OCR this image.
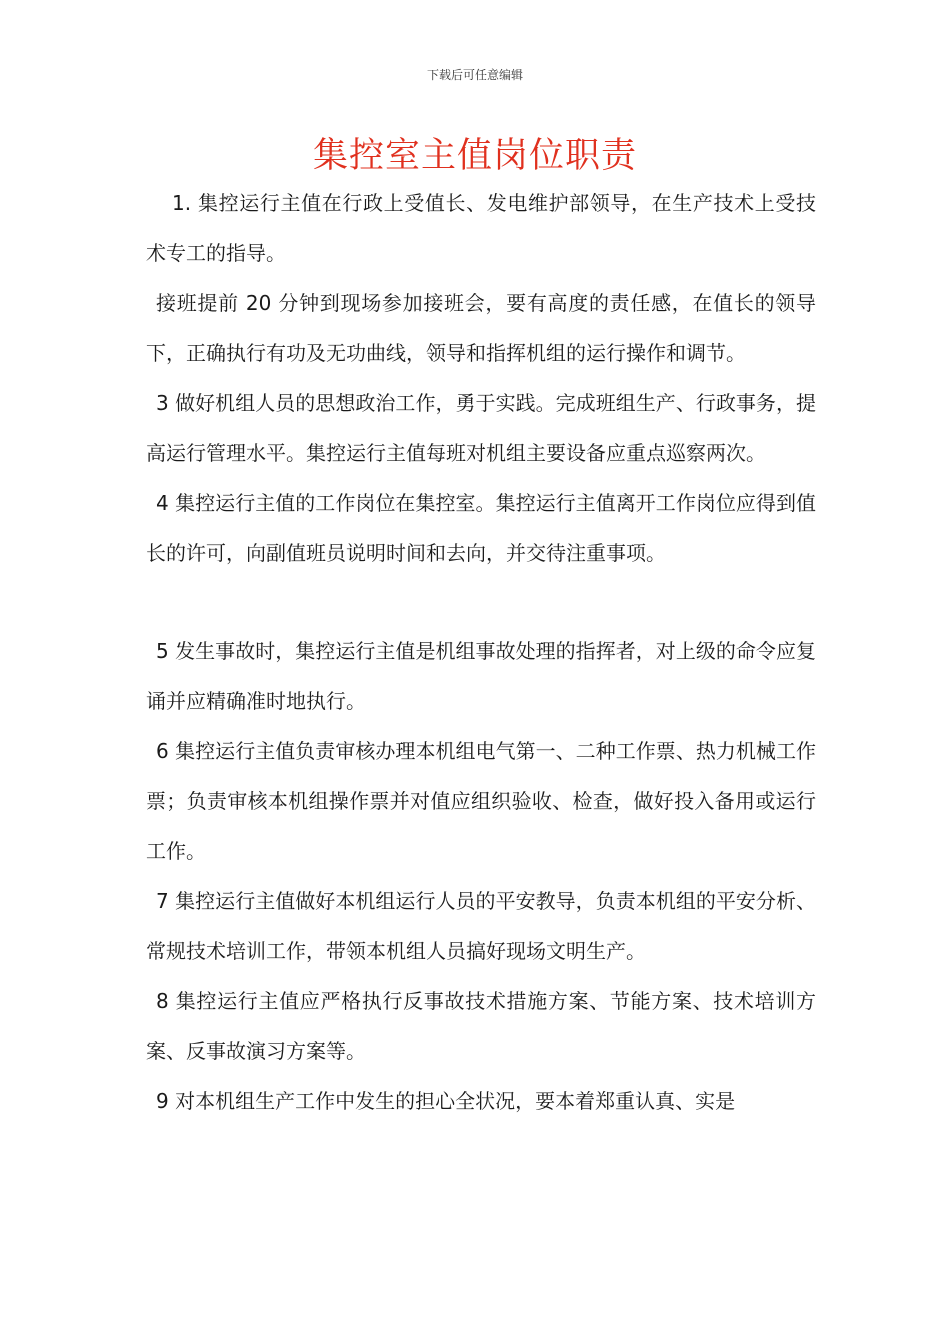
下载后可任意编辑
集控室主值岗位职责

1. 集控运行主值在行政上受值长、发电维护部领导，在生产技术上受技术专工的指导。

接班提前 20 分钟到现场参加接班会，要有高度的责任感，在值长的领导下，正确执行有功及无功曲线，领导和指挥机组的运行操作和调节。

3 做好机组人员的思想政治工作，勇于实践。完成班组生产、行政事务，提高运行管理水平。集控运行主值每班对机组主要设备应重点巡察两次。

4 集控运行主值的工作岗位在集控室。集控运行主值离开工作岗位应得到值长的许可，向副值班员说明时间和去向，并交待注重事项。

5 发生事故时，集控运行主值是机组事故处理的指挥者，对上级的命令应复诵并应精确准时地执行。

6 集控运行主值负责审核办理本机组电气第一、二种工作票、热力机械工作票；负责审核本机组操作票并对值应组织验收、检查，做好投入备用或运行工作。

7 集控运行主值做好本机组运行人员的平安教导，负责本机组的平安分析、常规技术培训工作，带领本机组人员搞好现场文明生产。

8 集控运行主值应严格执行反事故技术措施方案、节能方案、技术培训方案、反事故演习方案等。

9 对本机组生产工作中发生的担心全状况，要本着郑重认真、实是
